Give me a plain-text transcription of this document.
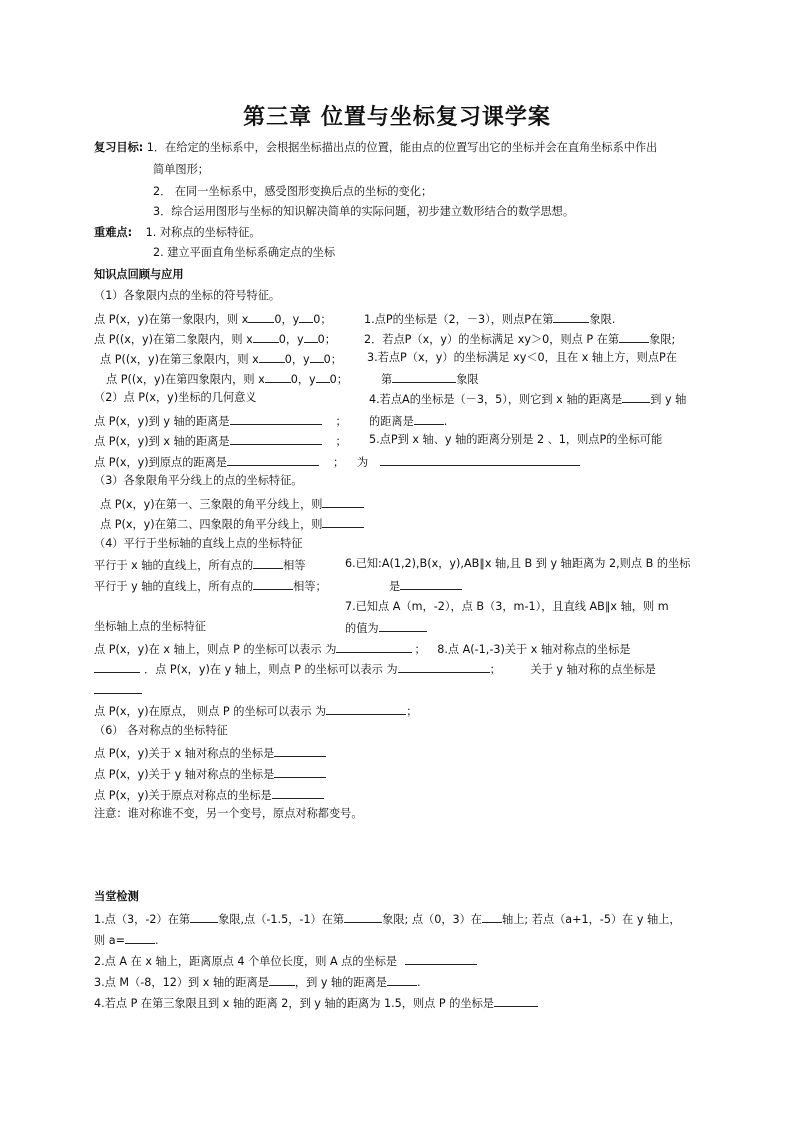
第三章 位置与坐标复习课学案
复习目标: 1．在给定的坐标系中，会根据坐标描出点的位置，能由点的位置写出它的坐标并会在直角坐标系中作出
简单图形；
2． 在同一坐标系中，感受图形变换后点的坐标的变化；
3．综合运用图形与坐标的知识解决简单的实际问题，初步建立数形结合的数学思想。
重难点: 1. 对称点的坐标特征。
2. 建立平面直角坐标系确定点的坐标
知识点回顾与应用
（1）各象限内点的坐标的符号特征。
点 P(x，y)在第一象限内，则 x 0，y 0；	1.点P的坐标是（2，－3），则点P在第	象限.
点 P((x，y)在第二象限内，则 x 0，y 0；	2．若点P（x，y）的坐标满足 xy＞0，则点 P 在第	象限;
点 P((x，y)在第三象限内，则 x 0，y 0； 3.若点P（x，y）的坐标满足 xy＜0，且在 x 轴上方，则点P在
点 P((x，y)在第四象限内，则 x 0，y 0；	第	象限
（2）点 P(x，y)坐标的几何意义	4.若点A的坐标是（－3，5），则它到 x 轴的距离是	到 y 轴
点 P(x，y)到 y 轴的距离是	； 的距离是	.
点 P(x，y)到 x 轴的距离是	； 5.点P到 x 轴、y 轴的距离分别是 2 、1，则点P的坐标可能
点 P(x，y)到原点的距离是	； 为
（3）各象限角平分线上的点的坐标特征。
点 P(x，y)在第一、三象限的角平分线上，则
点 P(x，y)在第二、四象限的角平分线上，则
（4）平行于坐标轴的直线上点的坐标特征
平行于 x 轴的直线上，所有点的	相等	6.已知:A(1,2),B(x，y),AB∥x 轴,且 B 到 y 轴距离为 2,则点 B 的坐标
平行于 y 轴的直线上，所有点的	相等；	是
7.已知点 A（m，-2），点 B（3，m-1），且直线 AB∥x 轴，则 m
坐标轴上点的坐标特征	的值为
点 P(x，y)在 x 轴上，则点 P 的坐标可以表示 为	； 8.点 A(-1,-3)关于 x 轴对称点的坐标是
．点 P(x，y)在 y 轴上，则点 P 的坐标可以表示 为	；	关于 y 轴对称的点坐标是
点 P(x，y)在原点， 则点 P 的坐标可以表示 为	；
（6） 各对称点的坐标特征
点 P(x，y)关于 x 轴对称点的坐标是
点 P(x，y)关于 y 轴对称点的坐标是
点 P(x，y)关于原点对称点的坐标是
注意：谁对称谁不变，另一个变号，原点对称都变号。
当堂检测
1.点（3，-2）在第	象限,点（-1.5，-1）在第	象限; 点（0，3）在 轴上; 若点（a+1，-5）在 y 轴上，
则 a=	.
2.点 A 在 x 轴上，距离原点 4 个单位长度，则 A 点的坐标是
3.点 M（-8，12）到 x 轴的距离是 ，到 y 轴的距离是	.
4.若点 P 在第三象限且到 x 轴的距离 2，到 y 轴的距离为 1.5，则点 P 的坐标是
